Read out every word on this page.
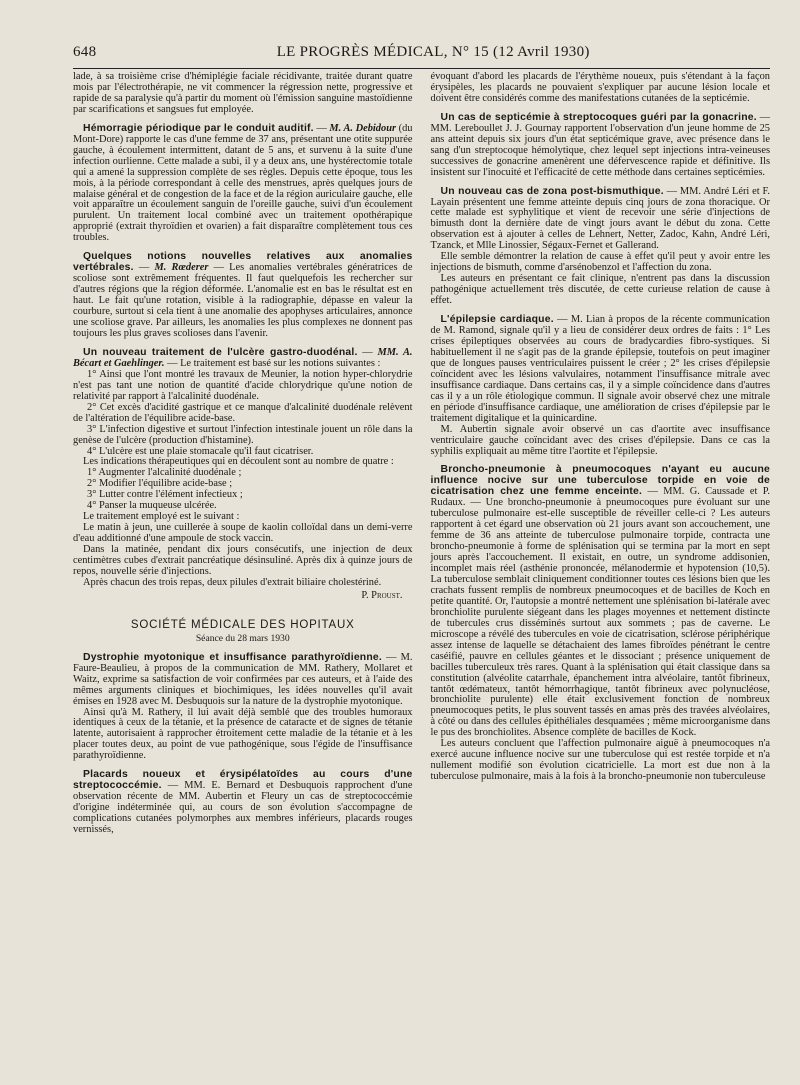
648	LE PROGRÈS MÉDICAL, N° 15 (12 Avril 1930)

lade, à sa troisième crise d'hémiplégie faciale récidivante, traitée durant quatre mois par l'électrothérapie, ne vit commencer la régression nette, progressive et rapide de sa paralysie qu'à partir du moment où l'émission sanguine mastoïdienne par scarifications et sangsues fut employée.

Hémorragie périodique par le conduit auditif. — M. A. Debidour (du Mont-Dore) rapporte le cas d'une femme de 37 ans, présentant une otite suppurée gauche, à écoulement intermittent, datant de 5 ans, et survenu à la suite d'une infection ourlienne. Cette malade a subi, il y a deux ans, une hystérectomie totale qui a amené la suppression complète de ses règles. Depuis cette époque, tous les mois, à la période correspondant à celle des menstrues, après quelques jours de malaise général et de congestion de la face et de la région auriculaire gauche, elle voit apparaître un écoulement sanguin de l'oreille gauche, suivi d'un écoulement purulent. Un traitement local combiné avec un traitement opothérapique approprié (extrait thyroïdien et ovarien) a fait disparaître complètement tous ces troubles.

Quelques notions nouvelles relatives aux anomalies vertébrales. — M. Rœderer — Les anomalies vertébrales génératrices de scoliose sont extrêmement fréquentes. Il faut quelquefois les rechercher sur d'autres régions que la région déformée. L'anomalie est en bas le résultat est en haut. Le fait qu'une rotation, visible à la radiographie, dépasse en valeur la courbure, surtout si cela tient à une anomalie des apophyses articulaires, annonce une scoliose grave. Par ailleurs, les anomalies les plus complexes ne donnent pas toujours les plus graves scolioses dans l'avenir.

Un nouveau traitement de l'ulcère gastro-duodénal. — MM. A. Bécart et Gaehlinger. — Le traitement est basé sur les notions suivantes :

1° Ainsi que l'ont montré les travaux de Meunier, la notion hyper-chlorydrie n'est pas tant une notion de quantité d'acide chlorydrique qu'une notion de relativité par rapport à l'alcalinité duodénale.

2° Cet excès d'acidité gastrique et ce manque d'alcalinité duodénale relèvent de l'altération de l'équilibre acide-base.

3° L'infection digestive et surtout l'infection intestinale jouent un rôle dans la genèse de l'ulcère (production d'histamine).

4° L'ulcère est une plaie stomacale qu'il faut cicatriser.

Les indications thérapeutiques qui en découlent sont au nombre de quatre :

1° Augmenter l'alcalinité duodénale ;

2° Modifier l'équilibre acide-base ;

3° Lutter contre l'élément infectieux ;

4° Panser la muqueuse ulcérée.

Le traitement employé est le suivant :

Le matin à jeun, une cuillerée à soupe de kaolin colloïdal dans un demi-verre d'eau additionné d'une ampoule de stock vaccin.

Dans la matinée, pendant dix jours consécutifs, une injection de deux centimètres cubes d'extrait pancréatique désinsuliné. Après dix à quinze jours de repos, nouvelle série d'injections.

Après chacun des trois repas, deux pilules d'extrait biliaire cholestériné.

P. Proust.
SOCIÉTÉ MÉDICALE DES HOPITAUX
Séance du 28 mars 1930

Dystrophie myotonique et insuffisance parathyroïdienne. — M. Faure-Beaulieu, à propos de la communication de MM. Rathery, Mollaret et Waitz, exprime sa satisfaction de voir confirmées par ces auteurs, et à l'aide des mêmes arguments cliniques et biochimiques, les idées nouvelles qu'il avait émises en 1928 avec M. Desbuquois sur la nature de la dystrophie myotonique.

Ainsi qu'à M. Rathery, il lui avait déjà semblé que des troubles humoraux identiques à ceux de la tétanie, et la présence de cataracte et de signes de tétanie latente, autorisaient à rapprocher étroitement cette maladie de la tétanie et à les placer toutes deux, au point de vue pathogénique, sous l'égide de l'insuffisance parathyroïdienne.

Placards noueux et érysipélatoïdes au cours d'une streptococcémie. — MM. E. Bernard et Desbuquois rapprochent d'une observation récente de MM. Aubertin et Fleury un cas de streptococcémie d'origine indéterminée qui, au cours de son évolution s'accompagne de complications cutanées polymorphes aux membres inférieurs, placards rouges vernissés,

évoquant d'abord les placards de l'érythème noueux, puis s'étendant à la façon érysipèles, les placards ne pouvaient s'expliquer par aucune lésion locale et doivent être considérés comme des manifestations cutanées de la septicémie.

Un cas de septicémie à streptocoques guéri par la gonacrine. — MM. Lereboullet J. J. Gournay rapportent l'observation d'un jeune homme de 25 ans atteint depuis six jours d'un état septicémique grave, avec présence dans le sang d'un streptocoque hémolytique, chez lequel sept injections intra-veineuses successives de gonacrine amenèrent une défervescence rapide et définitive. Ils insistent sur l'inocuité et l'efficacité de cette méthode dans certaines septicémies.

Un nouveau cas de zona post-bismuthique. — MM. André Léri et F. Layain présentent une femme atteinte depuis cinq jours de zona thoracique. Or cette malade est syphylitique et vient de recevoir une série d'injections de bimusth dont la dernière date de vingt jours avant le début du zona. Cette observation est à ajouter à celles de Lehnert, Netter, Zadoc, Kahn, André Léri, Tzanck, et Mlle Linossier, Ségaux-Fernet et Gallerand.

Elle semble démontrer la relation de cause à effet qu'il peut y avoir entre les injections de bismuth, comme d'arsénobenzol et l'affection du zona.

Les auteurs en présentant ce fait clinique, n'entrent pas dans la discussion pathogénique actuellement très discutée, de cette curieuse relation de cause à effet.

L'épilepsie cardiaque. — M. Lian à propos de la récente communication de M. Ramond, signale qu'il y a lieu de considérer deux ordres de faits : 1° Les crises épileptiques observées au cours de bradycardies fibro-systiques. Si habituellement il ne s'agit pas de la grande épilepsie, toutefois on peut imaginer que de longues pauses ventriculaires puissent le créer ; 2° les crises d'épilepsie coïncident avec les lésions valvulaires, notamment l'insuffisance mitrale avec insuffisance cardiaque. Dans certains cas, il y a simple coïncidence dans d'autres cas il y a un rôle étiologique commun. Il signale avoir observé chez une mitrale en période d'insuffisance cardiaque, une amélioration de crises d'épilepsie par le traitement digitalique et la quinicardine.

M. Aubertin signale avoir observé un cas d'aortite avec insuffisance ventriculaire gauche coïncidant avec des crises d'épilepsie. Dans ce cas la syphilis expliquait au même titre l'aortite et l'épilepsie.

Broncho-pneumonie à pneumocoques n'ayant eu aucune influence nocive sur une tuberculose torpide en voie de cicatrisation chez une femme enceinte. — MM. G. Caussade et P. Rudaux. — Une broncho-pneumonie à pneumocoques pure évoluant sur une tuberculose pulmonaire est-elle susceptible de réveiller celle-ci ? Les auteurs rapportent à cet égard une observation où 21 jours avant son accouchement, une femme de 36 ans atteinte de tuberculose pulmonaire torpide, contracta une broncho-pneumonie à forme de splénisation qui se termina par la mort en sept jours après l'accouchement. Il existait, en outre, un syndrome addisonien, incomplet mais réel (asthénie prononcée, mélanodermie et hypotension (10,5). La tuberculose semblait cliniquement conditionner toutes ces lésions bien que les crachats fussent remplis de nombreux pneumocoques et de bacilles de Koch en petite quantité. Or, l'autopsie a montré nettement une splénisation bi-latérale avec bronchiolite purulente siégeant dans les plages moyennes et nettement distincte de tubercules crus disséminés surtout aux sommets ; pas de caverne. Le microscope a révélé des tubercules en voie de cicatrisation, sclérose périphérique assez intense de laquelle se détachaient des lames fibroïdes pénétrant le centre caséifié, pauvre en cellules géantes et le dissociant ; présence uniquement de bacilles tuberculeux très rares. Quant à la splénisation qui était classique dans sa constitution (alvéolite catarrhale, épanchement intra alvéolaire, tantôt fibrineux, tantôt œdémateux, tantôt hémorrhagique, tantôt fibrineux avec polynucléose, bronchiolite purulente) elle était exclusivement fonction de nombreux pneumocoques petits, le plus souvent tassés en amas près des travées alvéolaires, à côté ou dans des cellules épithéliales desquamées ; même microorganisme dans le pus des bronchiolites. Absence complète de bacilles de Kock.

Les auteurs concluent que l'affection pulmonaire aiguë à pneumocoques n'a exercé aucune influence nocive sur une tuberculose qui est restée torpide et n'a nullement modifié son évolution cicatricielle. La mort est due non à la tuberculose pulmonaire, mais à la fois à la broncho-pneumonie non tuberculeuse
